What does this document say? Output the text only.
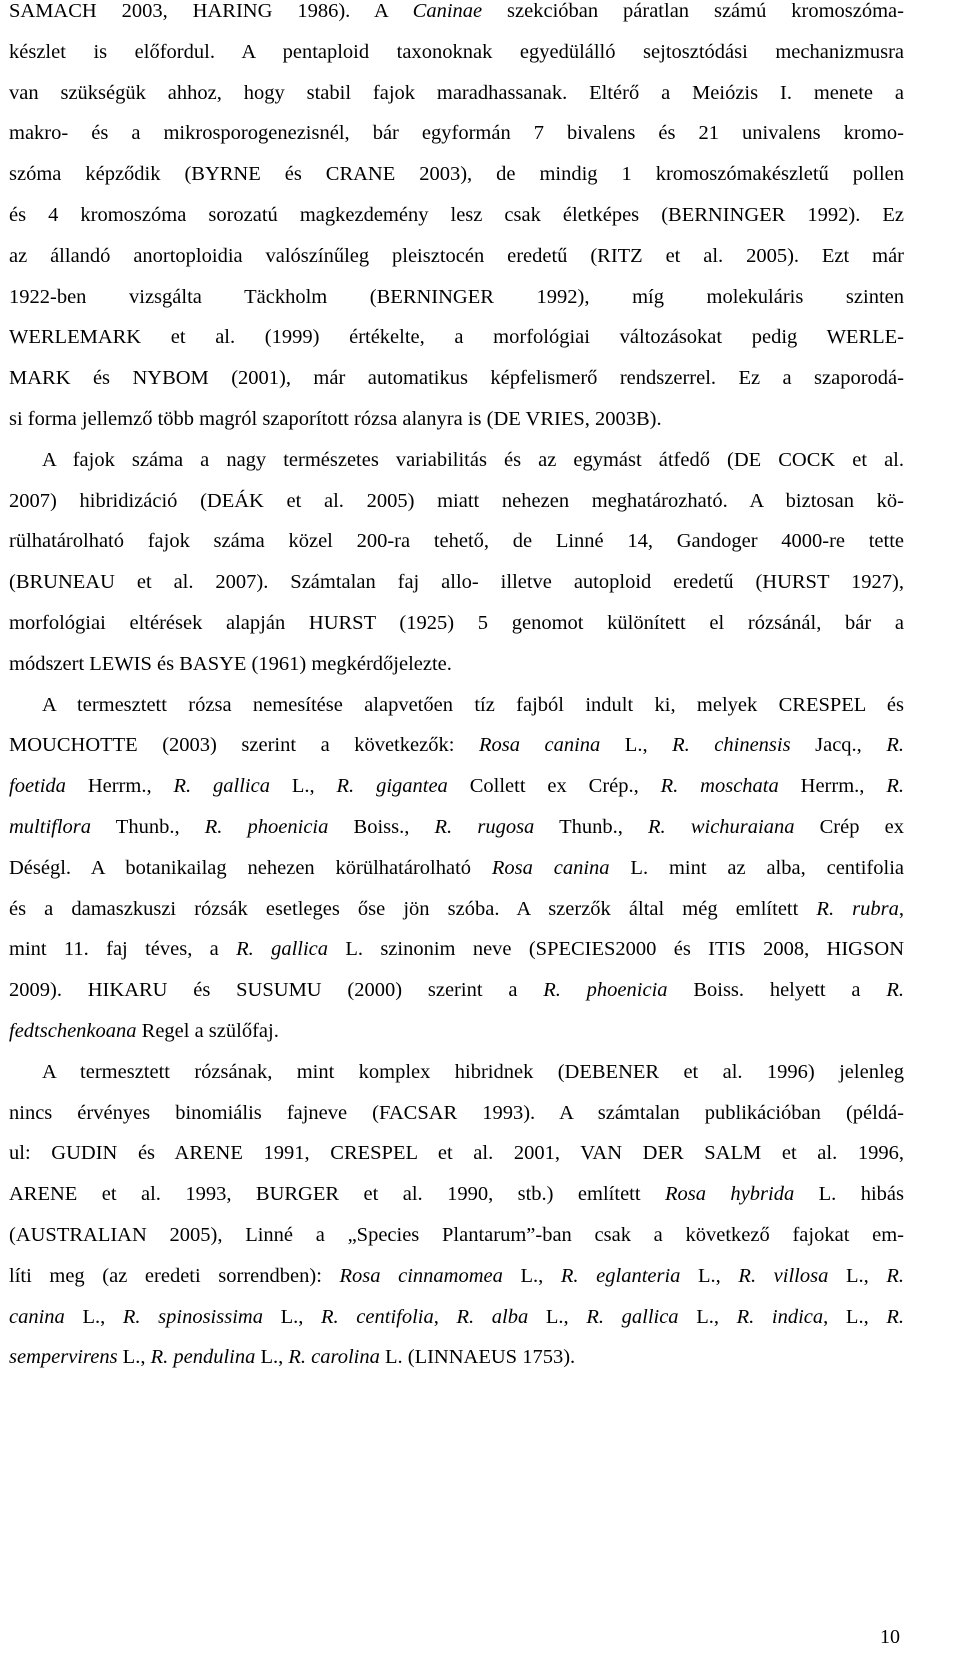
SAMACH 2003, HARING 1986). A Caninae szekcióban páratlan számú kromoszóma-
készlet is előfordul. A pentaploid taxonoknak egyedülálló sejtosztódási mechanizmusra
van szükségük ahhoz, hogy stabil fajok maradhassanak. Eltérő a Meiózis I. menete a
makro- és a mikrosporogenezisnél, bár egyformán 7 bivalens és 21 univalens kromo-
szóma képződik (BYRNE és CRANE 2003), de mindig 1 kromoszómakészletű pollen
és 4 kromoszóma sorozatú magkezdemény lesz csak életképes (BERNINGER 1992). Ez
az állandó anortoploidia valószínűleg pleisztocén eredetű (RITZ et al. 2005). Ezt már
1922-ben vizsgálta Täckholm (BERNINGER 1992), míg molekuláris szinten
WERLEMARK et al. (1999) értékelte, a morfológiai változásokat pedig WERLE-
MARK és NYBOM (2001), már automatikus képfelismerő rendszerrel. Ez a szaporodá-
si forma jellemző több magról szaporított rózsa alanyra is (DE VRIES, 2003B).
A fajok száma a nagy természetes variabilitás és az egymást átfedő (DE COCK et al.
2007) hibridizáció (DEÁK et al. 2005) miatt nehezen meghatározható. A biztosan kö-
rülhatárolható fajok száma közel 200-ra tehető, de Linné 14, Gandoger 4000-re tette
(BRUNEAU et al. 2007). Számtalan faj allo- illetve autoploid eredetű (HURST 1927),
morfológiai eltérések alapján HURST (1925) 5 genomot különített el rózsánál, bár a
módszert LEWIS és BASYE (1961) megkérdőjelezte.
A termesztett rózsa nemesítése alapvetően tíz fajból indult ki, melyek CRESPEL és
MOUCHOTTE (2003) szerint a következők: Rosa canina L., R. chinensis Jacq., R.
foetida Herrm., R. gallica L., R. gigantea Collett ex Crép., R. moschata Herrm., R.
multiflora Thunb., R. phoenicia Boiss., R. rugosa Thunb., R. wichuraiana Crép ex
Déségl. A botanikailag nehezen körülhatárolható Rosa canina L. mint az alba, centifolia
és a damaszkuszi rózsák esetleges őse jön szóba. A szerzők által még említett R. rubra,
mint 11. faj téves, a R. gallica L. szinonim neve (SPECIES2000 és ITIS 2008, HIGSON
2009). HIKARU és SUSUMU (2000) szerint a R. phoenicia Boiss. helyett a R.
fedtschenkoana Regel a szülőfaj.
A termesztett rózsának, mint komplex hibridnek (DEBENER et al. 1996) jelenleg
nincs érvényes binomiális fajneve (FACSAR 1993). A számtalan publikációban (példá-
ul: GUDIN és ARENE 1991, CRESPEL et al. 2001, VAN DER SALM et al. 1996,
ARENE et al. 1993, BURGER et al. 1990, stb.) említett Rosa hybrida L. hibás
(AUSTRALIAN 2005), Linné a „Species Plantarum”-ban csak a következő fajokat em-
líti meg (az eredeti sorrendben): Rosa cinnamomea L., R. eglanteria L., R. villosa L., R.
canina L., R. spinosissima L., R. centifolia, R. alba L., R. gallica L., R. indica, L., R.
sempervirens L., R. pendulina L., R. carolina L. (LINNAEUS 1753).
10
